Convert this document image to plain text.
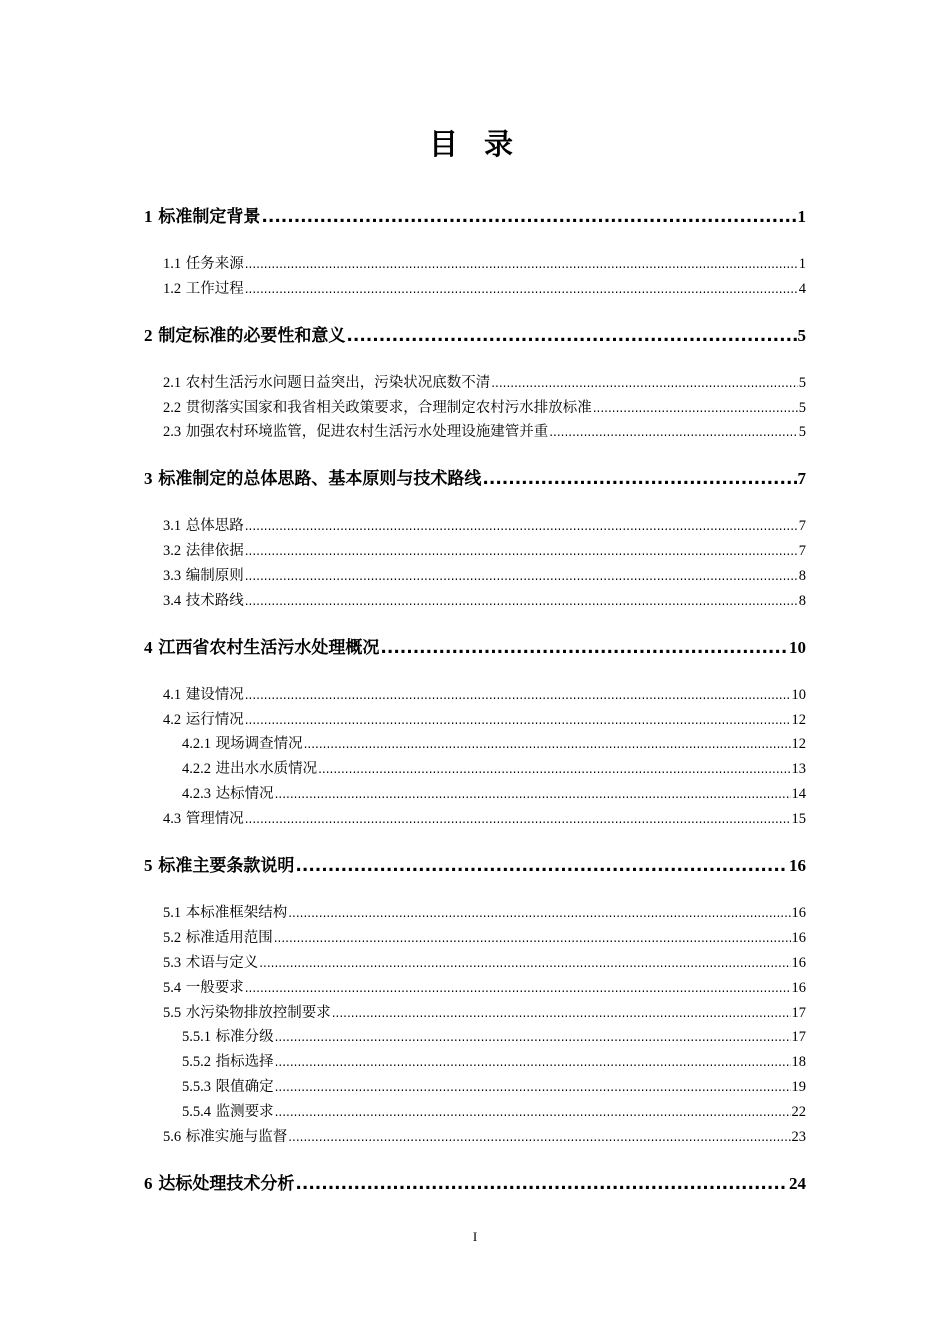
目 录
1 标准制定背景 .....	1
1.1 任务来源 .....	1
1.2 工作过程 .....	4
2 制定标准的必要性和意义 .....	5
2.1 农村生活污水问题日益突出，污染状况底数不清 .....	5
2.2 贯彻落实国家和我省相关政策要求，合理制定农村污水排放标准 .....	5
2.3 加强农村环境监管，促进农村生活污水处理设施建管并重 .....	5
3 标准制定的总体思路、基本原则与技术路线 .....	7
3.1 总体思路 .....	7
3.2 法律依据 .....	7
3.3 编制原则 .....	8
3.4 技术路线 .....	8
4 江西省农村生活污水处理概况 .....	10
4.1 建设情况 .....	10
4.2 运行情况 .....	12
4.2.1 现场调查情况 .....	12
4.2.2 进出水水质情况 .....	13
4.2.3 达标情况 .....	14
4.3 管理情况 .....	15
5 标准主要条款说明 .....	16
5.1 本标准框架结构 .....	16
5.2 标准适用范围 .....	16
5.3 术语与定义 .....	16
5.4 一般要求 .....	16
5.5 水污染物排放控制要求 .....	17
5.5.1 标准分级 .....	17
5.5.2 指标选择 .....	18
5.5.3 限值确定 .....	19
5.5.4 监测要求 .....	22
5.6 标准实施与监督 .....	23
6 达标处理技术分析 .....	24
I
